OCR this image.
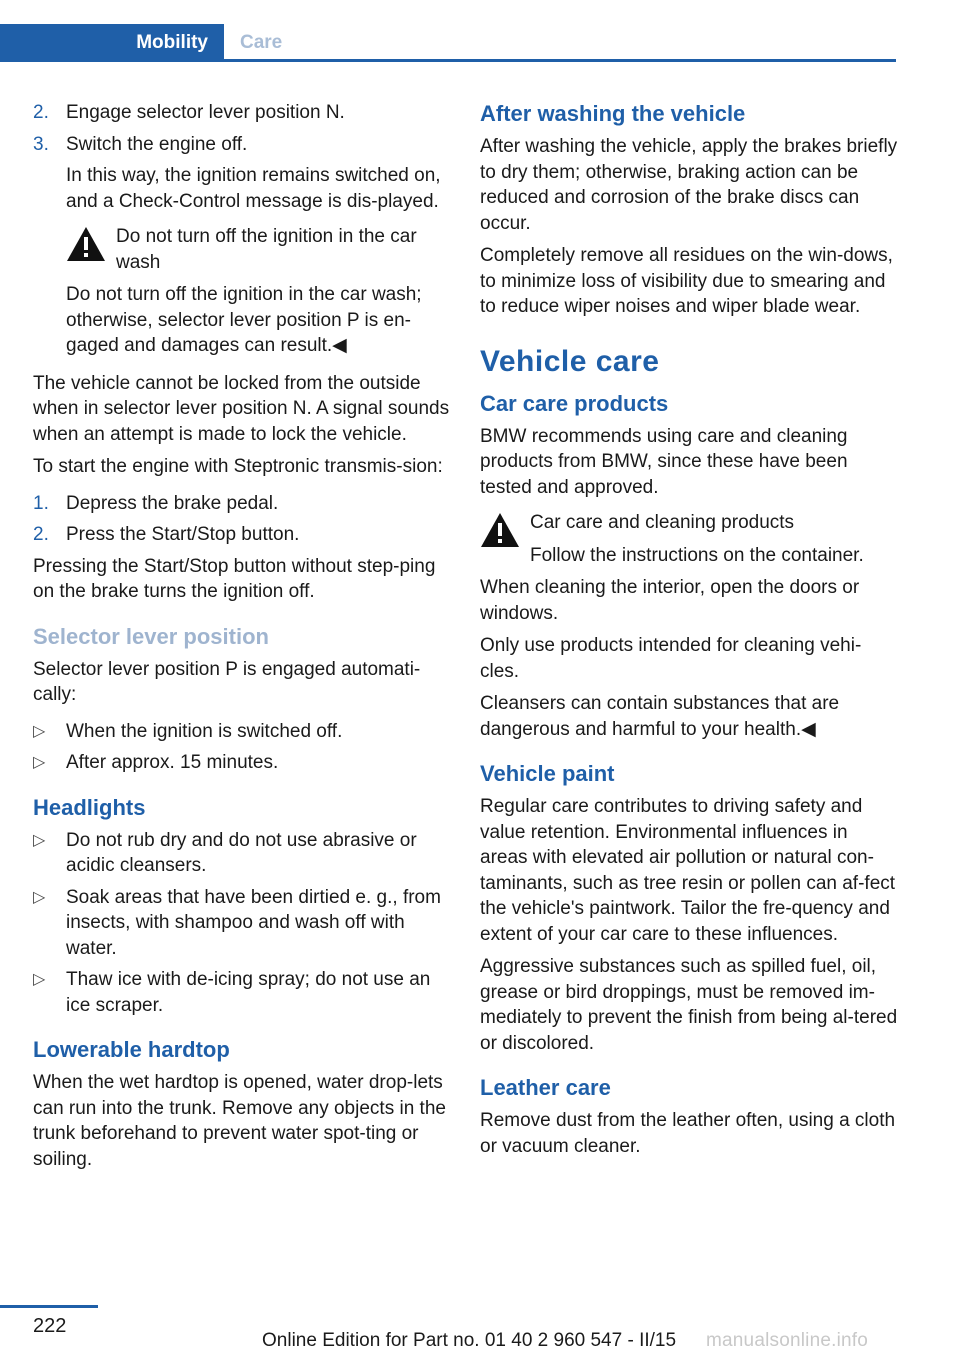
Mobility Care
2. Engage selector lever position N.
3. Switch the engine off.

In this way, the ignition remains switched on, and a Check-Control message is dis‐played.

Do not turn off the ignition in the car wash

Do not turn off the ignition in the car wash; otherwise, selector lever position P is en‐gaged and damages can result.◀

The vehicle cannot be locked from the outside when in selector lever position N. A signal sounds when an attempt is made to lock the vehicle.

To start the engine with Steptronic transmis‐sion:

1. Depress the brake pedal.
2. Press the Start/Stop button.

Pressing the Start/Stop button without step‐ping on the brake turns the ignition off.

Selector lever position

Selector lever position P is engaged automati‐cally:

▷ When the ignition is switched off.
▷ After approx. 15 minutes.
Headlights
▷ Do not rub dry and do not use abrasive or acidic cleansers.
▷ Soak areas that have been dirtied e. g., from insects, with shampoo and wash off with water.
▷ Thaw ice with de-icing spray; do not use an ice scraper.
Lowerable hardtop

When the wet hardtop is opened, water drop‐lets can run into the trunk. Remove any objects in the trunk beforehand to prevent water spot‐ting or soiling.

After washing the vehicle

After washing the vehicle, apply the brakes briefly to dry them; otherwise, braking action can be reduced and corrosion of the brake discs can occur.

Completely remove all residues on the win‐dows, to minimize loss of visibility due to smearing and to reduce wiper noises and wiper blade wear.

Vehicle care
Car care products

BMW recommends using care and cleaning products from BMW, since these have been tested and approved.

Car care and cleaning products

Follow the instructions on the container.

When cleaning the interior, open the doors or windows.

Only use products intended for cleaning vehi‐cles.

Cleansers can contain substances that are dangerous and harmful to your health.◀

Vehicle paint

Regular care contributes to driving safety and value retention. Environmental influences in areas with elevated air pollution or natural con‐taminants, such as tree resin or pollen can af‐fect the vehicle's paintwork. Tailor the fre‐quency and extent of your car care to these influences.

Aggressive substances such as spilled fuel, oil, grease or bird droppings, must be removed im‐mediately to prevent the finish from being al‐tered or discolored.

Leather care

Remove dust from the leather often, using a cloth or vacuum cleaner.

222
Online Edition for Part no. 01 40 2 960 547 - II/15 manualsonline.info
